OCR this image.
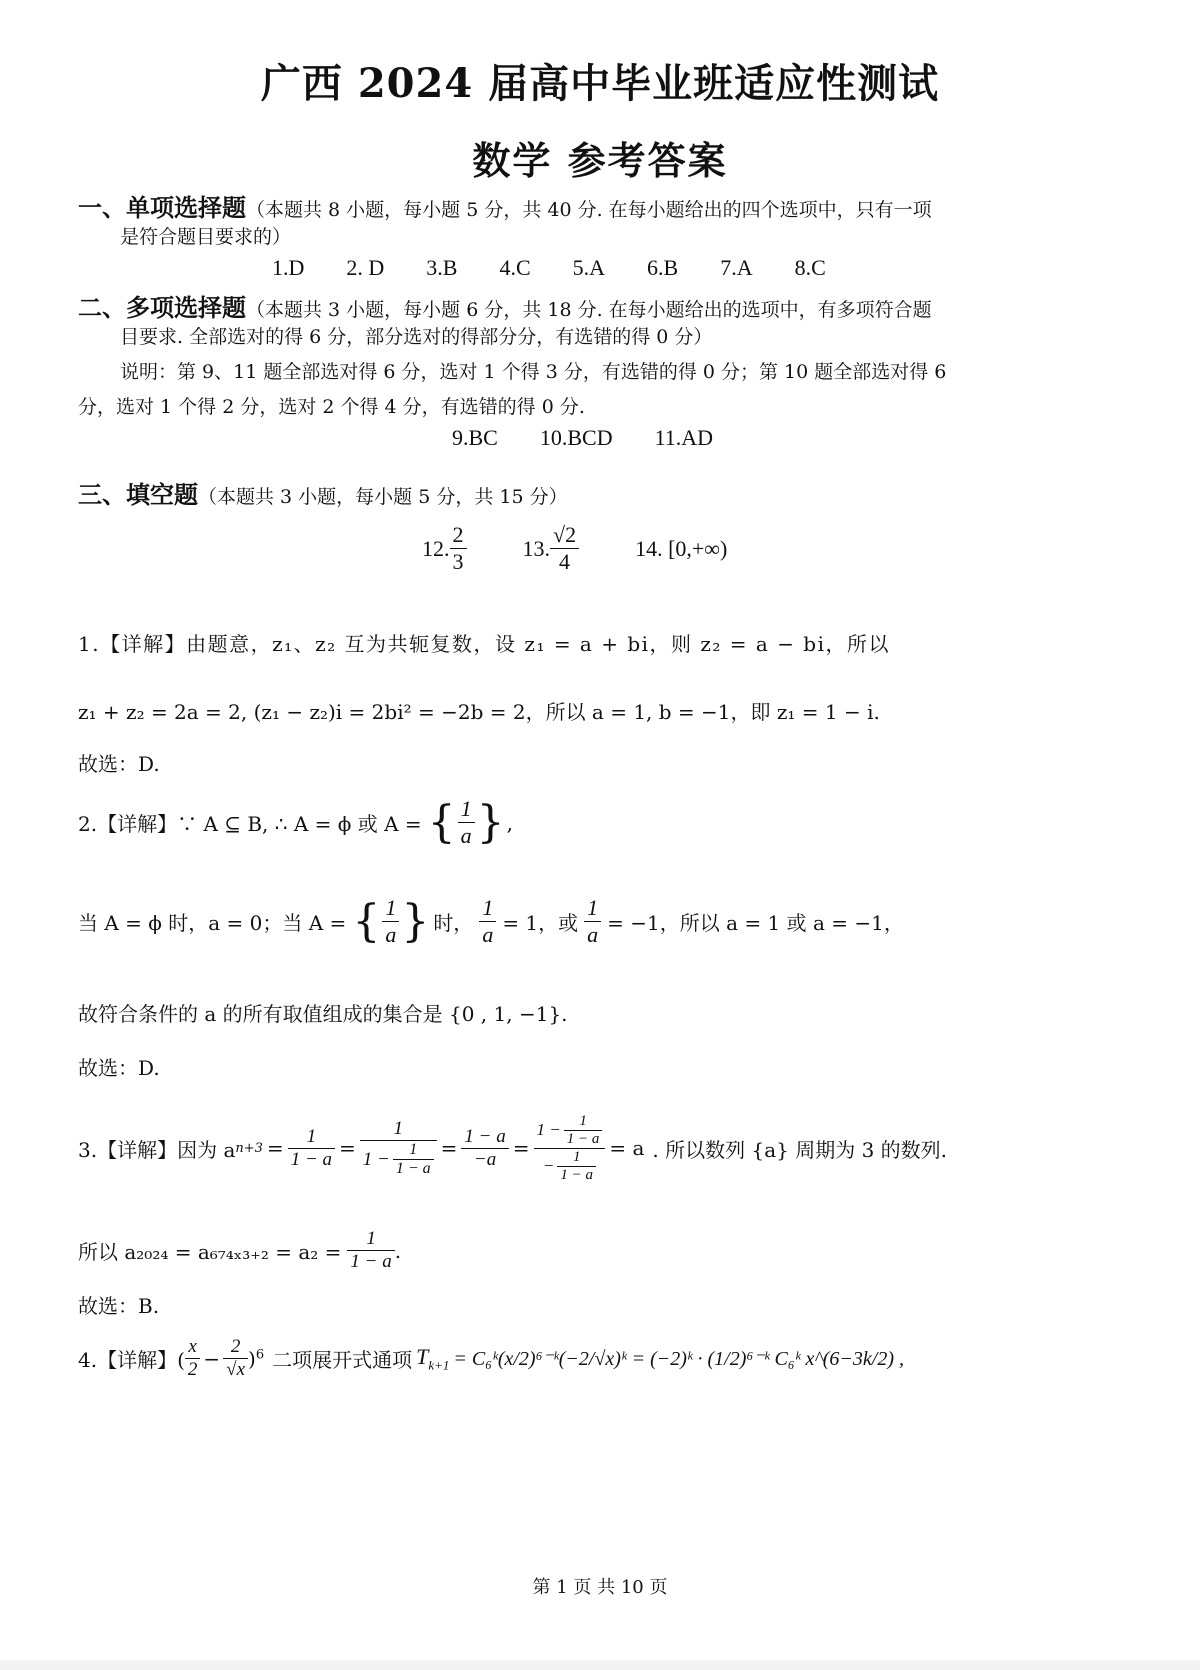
广西 2024 届高中毕业班适应性测试
数学 参考答案
一、单项选择题（本题共 8 小题，每小题 5 分，共 40 分. 在每小题给出的四个选项中，只有一项
是符合题目要求的）
1.D 2. D 3.B 4.C 5.A 6.B 7.A 8.C
二、多项选择题（本题共 3 小题，每小题 6 分，共 18 分. 在每小题给出的选项中，有多项符合题
目要求. 全部选对的得 6 分，部分选对的得部分分，有选错的得 0 分）
说明：第 9、11 题全部选对得 6 分，选对 1 个得 3 分，有选错的得 0 分；第 10 题全部选对得 6
分，选对 1 个得 2 分，选对 2 个得 4 分，有选错的得 0 分.
9.BC 10.BCD 11.AD
三、填空题（本题共 3 小题，每小题 5 分，共 15 分）
12. $\frac{2}{3}$	13. $\frac{√2}{4}$	14. [0,+∞)
1.【详解】由题意，z₁、z₂ 互为共轭复数，设 z₁ = a + bi，则 z₂ = a − bi，所以
z₁ + z₂ = 2a = 2, (z₁ − z₂)i = 2bi² = −2b = 2，所以 a = 1, b = −1，即 z₁ = 1 − i.
故选：D.
2.【详解】∵ A ⊆ B, ∴ A = ϕ 或 A = { $\frac{1}{a}$ } ,
当 A = ϕ 时，a = 0；当 A = { $\frac{1}{a}$ } 时， $\frac{1}{a} = 1$，或 $\frac{1}{a} = -1$，所以 a = 1 或 a = −1，
故符合条件的 a 的所有取值组成的集合是 {0 , 1, −1}.
故选：D.
3.【详解】因为 a $n+3 = \frac{1}{1 - a} = \frac{1}{1 - \frac{1}{1 - a}} = \frac{1 - a}{-a} = \frac{1 - \frac{1}{1 - a}}{- \frac{1}{1 - a}} = a$ . 所以数列 {a } 周期为 3 的数列.
所以 $a_{2024} = a_{674x3+2} = a_2 = \frac{1}{1 - a}$ .
故选：B.
4.【详解】( $\frac{x}{2} - \frac{2}{√x} )^6$ 二项展开式通项 $T_{k+1}$ = C₆ᵏ(x/2)⁶⁻ᵏ(−2/√x)ᵏ = (−2)ᵏ · (1/2)⁶⁻ᵏ C₆ᵏ x^(6−3k/2) ,
第 1 页 共 10 页
